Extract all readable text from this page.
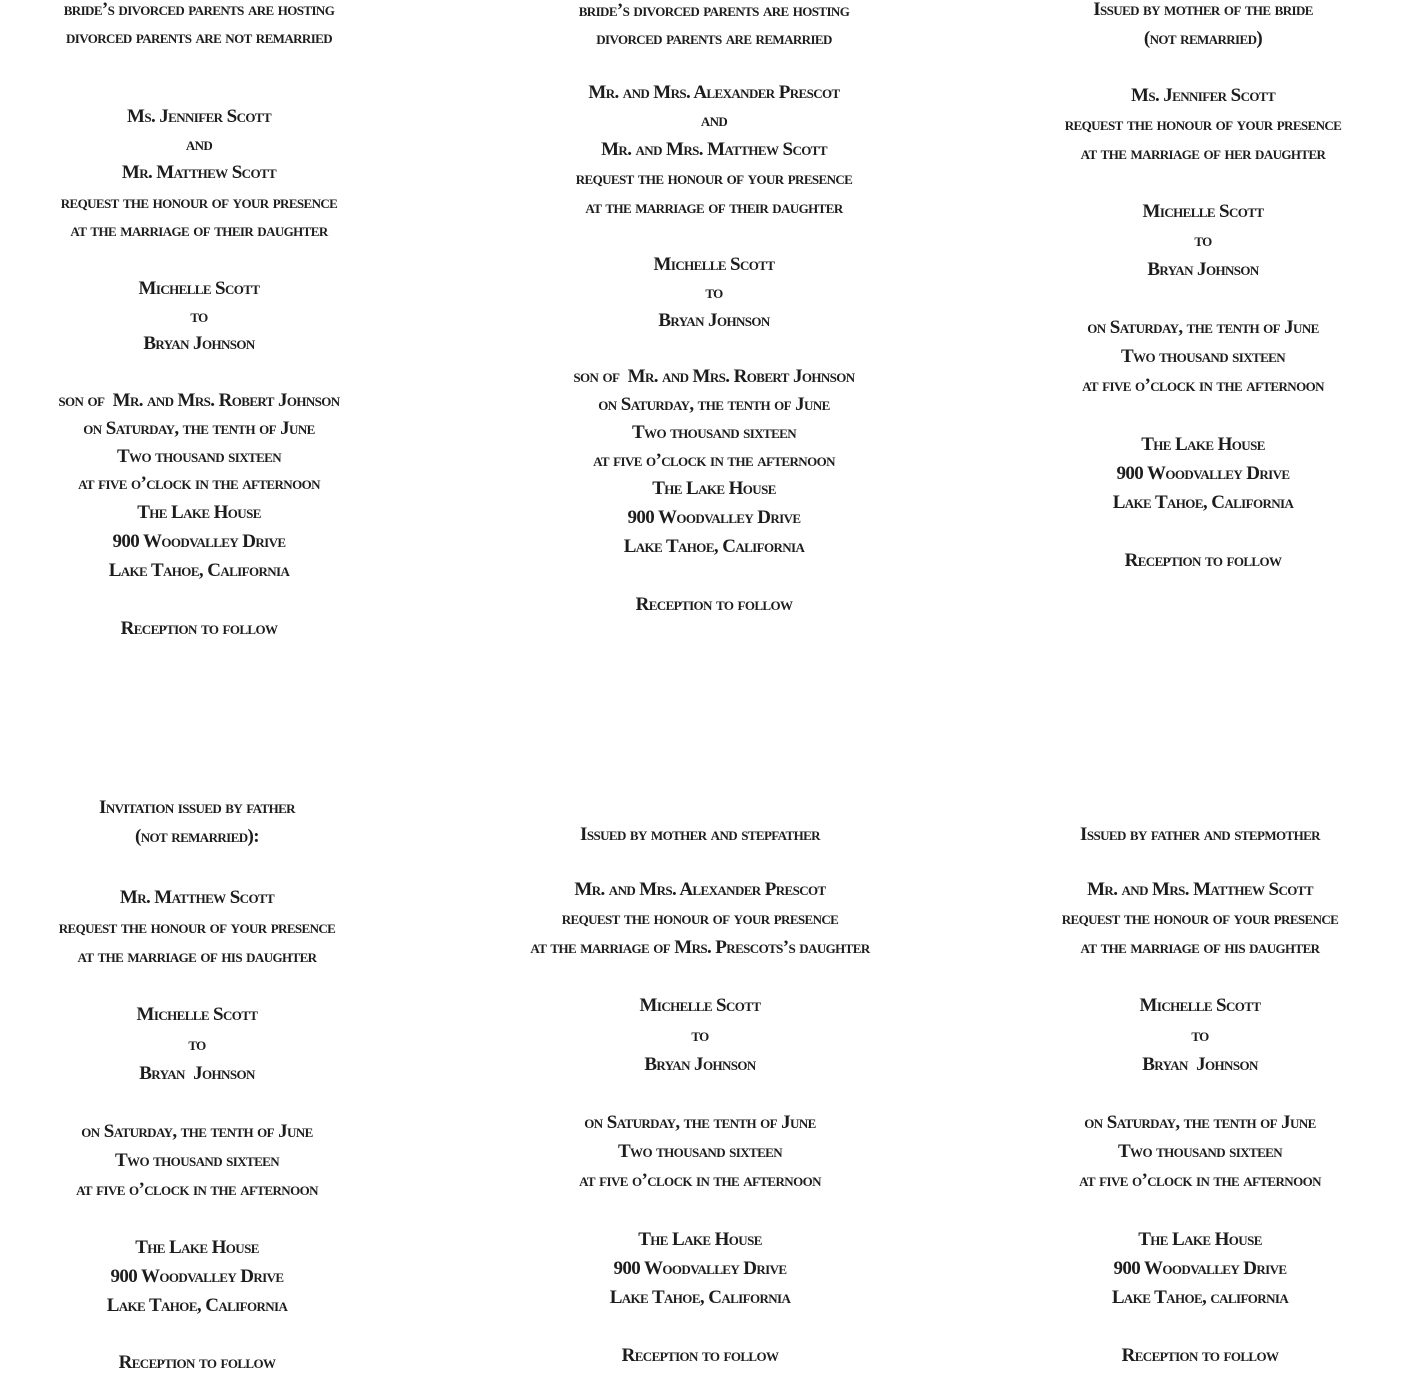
bride’s divorced parents are hosting
divorced parents are not remarried
Ms. Jennifer Scott
and
Mr. Matthew Scott
request the honour of your presence
at the marriage of their daughter
Michelle Scott
to
Bryan Johnson
son of  Mr. and Mrs. Robert Johnson
on Saturday, the tenth of June
Two thousand sixteen
at five o’clock in the afternoon
The Lake House
900 Woodvalley Drive
Lake Tahoe, California
Reception to follow
bride’s divorced parents are hosting
divorced parents are remarried
Mr. and Mrs. Alexander Prescot
and
Mr. and Mrs. Matthew Scott
request the honour of your presence
at the marriage of their daughter
Michelle Scott
to
Bryan Johnson
son of  Mr. and Mrs. Robert Johnson
on Saturday, the tenth of June
Two thousand sixteen
at five o’clock in the afternoon
The Lake House
900 Woodvalley Drive
Lake Tahoe, California
Reception to follow
Issued by mother of the bride
(not remarried)
Ms. Jennifer Scott
request the honour of your presence
at the marriage of her daughter
Michelle Scott
to
Bryan Johnson
on Saturday, the tenth of June
Two thousand sixteen
at five o’clock in the afternoon
The Lake House
900 Woodvalley Drive
Lake Tahoe, California
Reception to follow
Invitation issued by father
(not remarried):
Mr. Matthew Scott
request the honour of your presence
at the marriage of his daughter
Michelle Scott
to
Bryan  Johnson
on Saturday, the tenth of June
Two thousand sixteen
at five o’clock in the afternoon
The Lake House
900 Woodvalley Drive
Lake Tahoe, California
Reception to follow
Issued by mother and stepfather
Mr. and Mrs. Alexander Prescot
request the honour of your presence
at the marriage of Mrs. Prescots’s daughter
Michelle Scott
to
Bryan Johnson
on Saturday, the tenth of June
Two thousand sixteen
at five o’clock in the afternoon
The Lake House
900 Woodvalley Drive
Lake Tahoe, California
Reception to follow
Issued by father and stepmother
Mr. and Mrs. Matthew Scott
request the honour of your presence
at the marriage of his daughter
Michelle Scott
to
Bryan  Johnson
on Saturday, the tenth of June
Two thousand sixteen
at five o’clock in the afternoon
The Lake House
900 Woodvalley Drive
Lake Tahoe, california
Reception to follow
